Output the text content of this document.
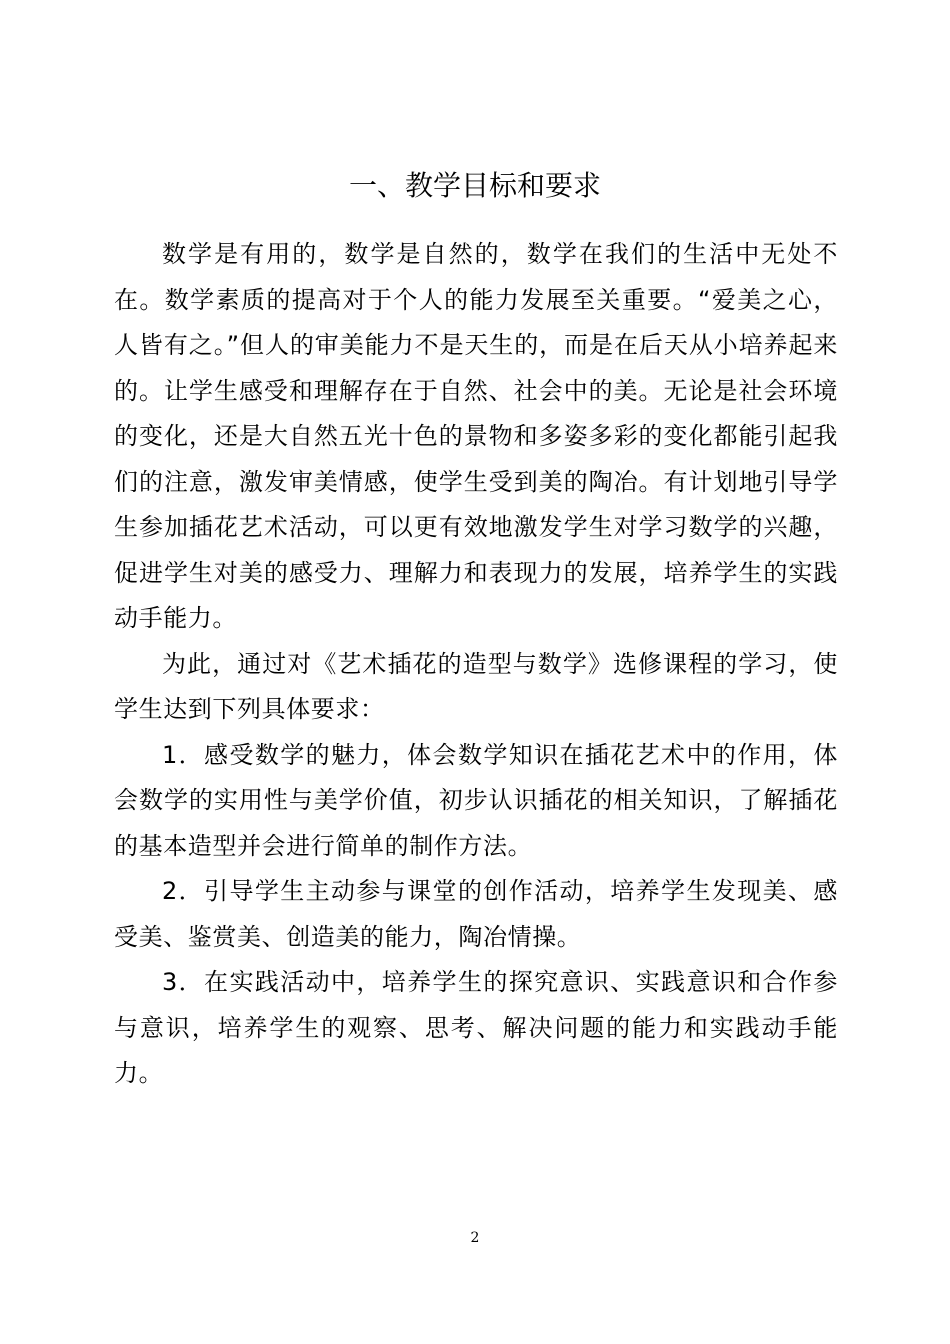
一、教学目标和要求

数学是有用的，数学是自然的，数学在我们的生活中无处不在。数学素质的提高对于个人的能力发展至关重要。“爱美之心，人皆有之。”但人的审美能力不是天生的，而是在后天从小培养起来的。让学生感受和理解存在于自然、社会中的美。无论是社会环境的变化，还是大自然五光十色的景物和多姿多彩的变化都能引起我们的注意，激发审美情感，使学生受到美的陶冶。有计划地引导学生参加插花艺术活动，可以更有效地激发学生对学习数学的兴趣，促进学生对美的感受力、理解力和表现力的发展，培养学生的实践动手能力。

为此，通过对《艺术插花的造型与数学》选修课程的学习，使学生达到下列具体要求：

1．感受数学的魅力，体会数学知识在插花艺术中的作用，体会数学的实用性与美学价值，初步认识插花的相关知识，了解插花的基本造型并会进行简单的制作方法。

2．引导学生主动参与课堂的创作活动，培养学生发现美、感受美、鉴赏美、创造美的能力，陶冶情操。

3．在实践活动中，培养学生的探究意识、实践意识和合作参与意识，培养学生的观察、思考、解决问题的能力和实践动手能力。

2
